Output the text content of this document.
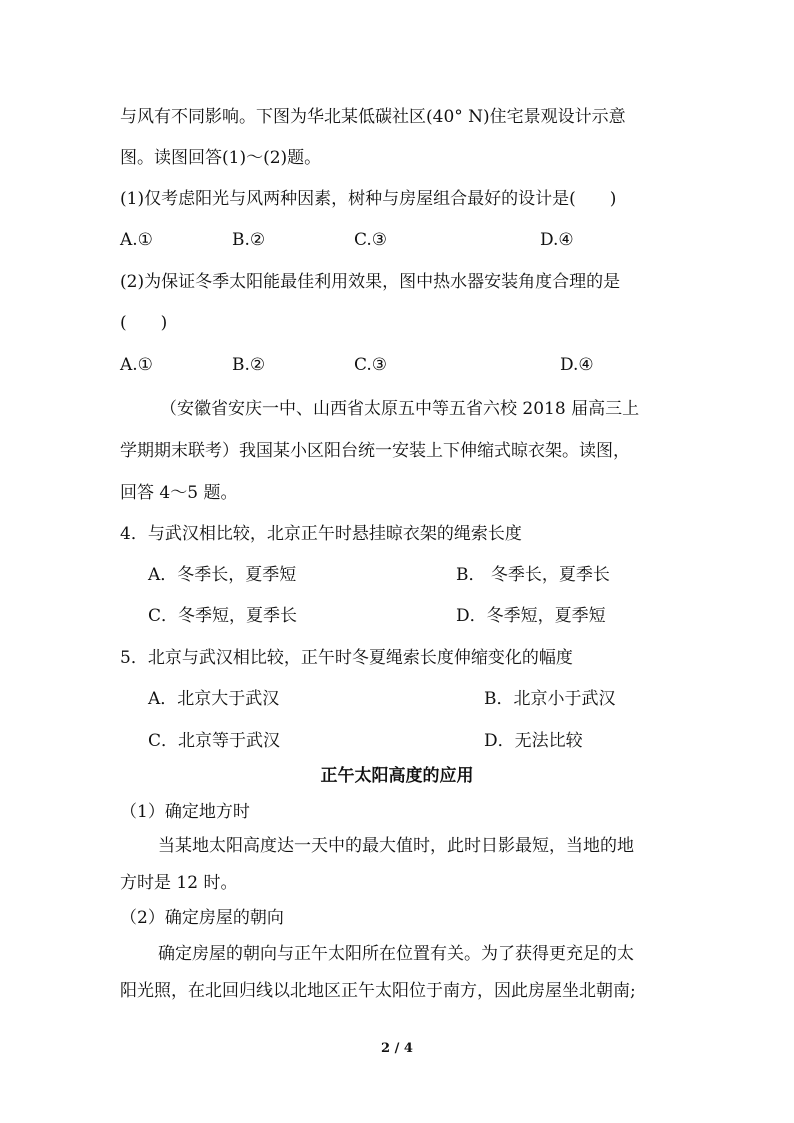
与风有不同影响。下图为华北某低碳社区(40° N)住宅景观设计示意
图。读图回答(1)～(2)题。
(1)仅考虑阳光与风两种因素，树种与房屋组合最好的设计是(　　)
A.①	B.②	C.③	D.④
(2)为保证冬季太阳能最佳利用效果，图中热水器安装角度合理的是
(　　)
A.①	B.②	C.③	D.④
（安徽省安庆一中、山西省太原五中等五省六校 2018 届高三上
学期期末联考）我国某小区阳台统一安装上下伸缩式晾衣架。读图，
回答 4～5 题。
4．与武汉相比较，北京正午时悬挂晾衣架的绳索长度
A．冬季长，夏季短	B． 冬季长，夏季长
C．冬季短，夏季长	D．冬季短，夏季短
5．北京与武汉相比较，正午时冬夏绳索长度伸缩变化的幅度
A．北京大于武汉	B．北京小于武汉
C．北京等于武汉	D．无法比较
正午太阳高度的应用
（1）确定地方时
当某地太阳高度达一天中的最大值时，此时日影最短，当地的地
方时是 12 时。
（2）确定房屋的朝向
确定房屋的朝向与正午太阳所在位置有关。为了获得更充足的太
阳光照，在北回归线以北地区正午太阳位于南方，因此房屋坐北朝南;
2 / 4
